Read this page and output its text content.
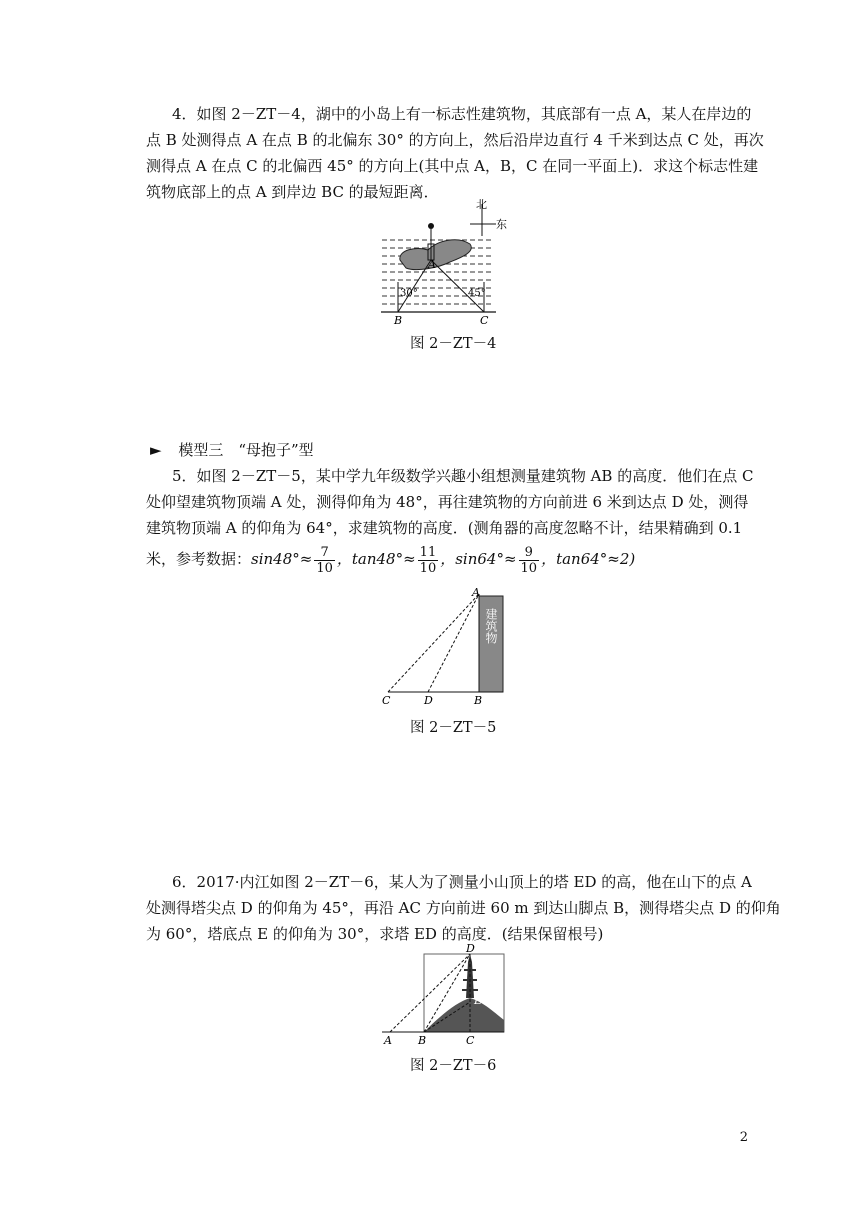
4．如图 2－ZT－4，湖中的小岛上有一标志性建筑物，其底部有一点 A，某人在岸边的
点 B 处测得点 A 在点 B 的北偏东 30° 的方向上，然后沿岸边直行 4 千米到达点 C 处，再次
测得点 A 在点 C 的北偏西 45° 的方向上(其中点 A，B，C 在同一平面上)．求这个标志性建
筑物底部上的点 A 到岸边 BC 的最短距离．
北
东
A
B	C
30°	45°
图 2－ZT－4
► 模型三　“母抱子”型
5．如图 2－ZT－5，某中学九年级数学兴趣小组想测量建筑物 AB 的高度．他们在点 C
处仰望建筑物顶端 A 处，测得仰角为 48°，再往建筑物的方向前进 6 米到达点 D 处，测得
建筑物顶端 A 的仰角为 64°，求建筑物的高度．(测角器的高度忽略不计，结果精确到 0.1
米，参考数据：$\sin 48^\circ\approx \frac{7}{10}$ ，$\tan 48^\circ\approx \frac{11}{10}$ ，$\sin 64^\circ\approx \frac{9}{10}$ ，tan64°≈2)
建筑物
A
B
C	D
图 2－ZT－5
6．2017·内江如图 2－ZT－6，某人为了测量小山顶上的塔 ED 的高，他在山下的点 A
处测得塔尖点 D 的仰角为 45°，再沿 AC 方向前进 60 m 到达山脚点 B，测得塔尖点 D 的仰角
为 60°，塔底点 E 的仰角为 30°，求塔 ED 的高度．(结果保留根号)
D
E
A B	C
图 2－ZT－6
2
